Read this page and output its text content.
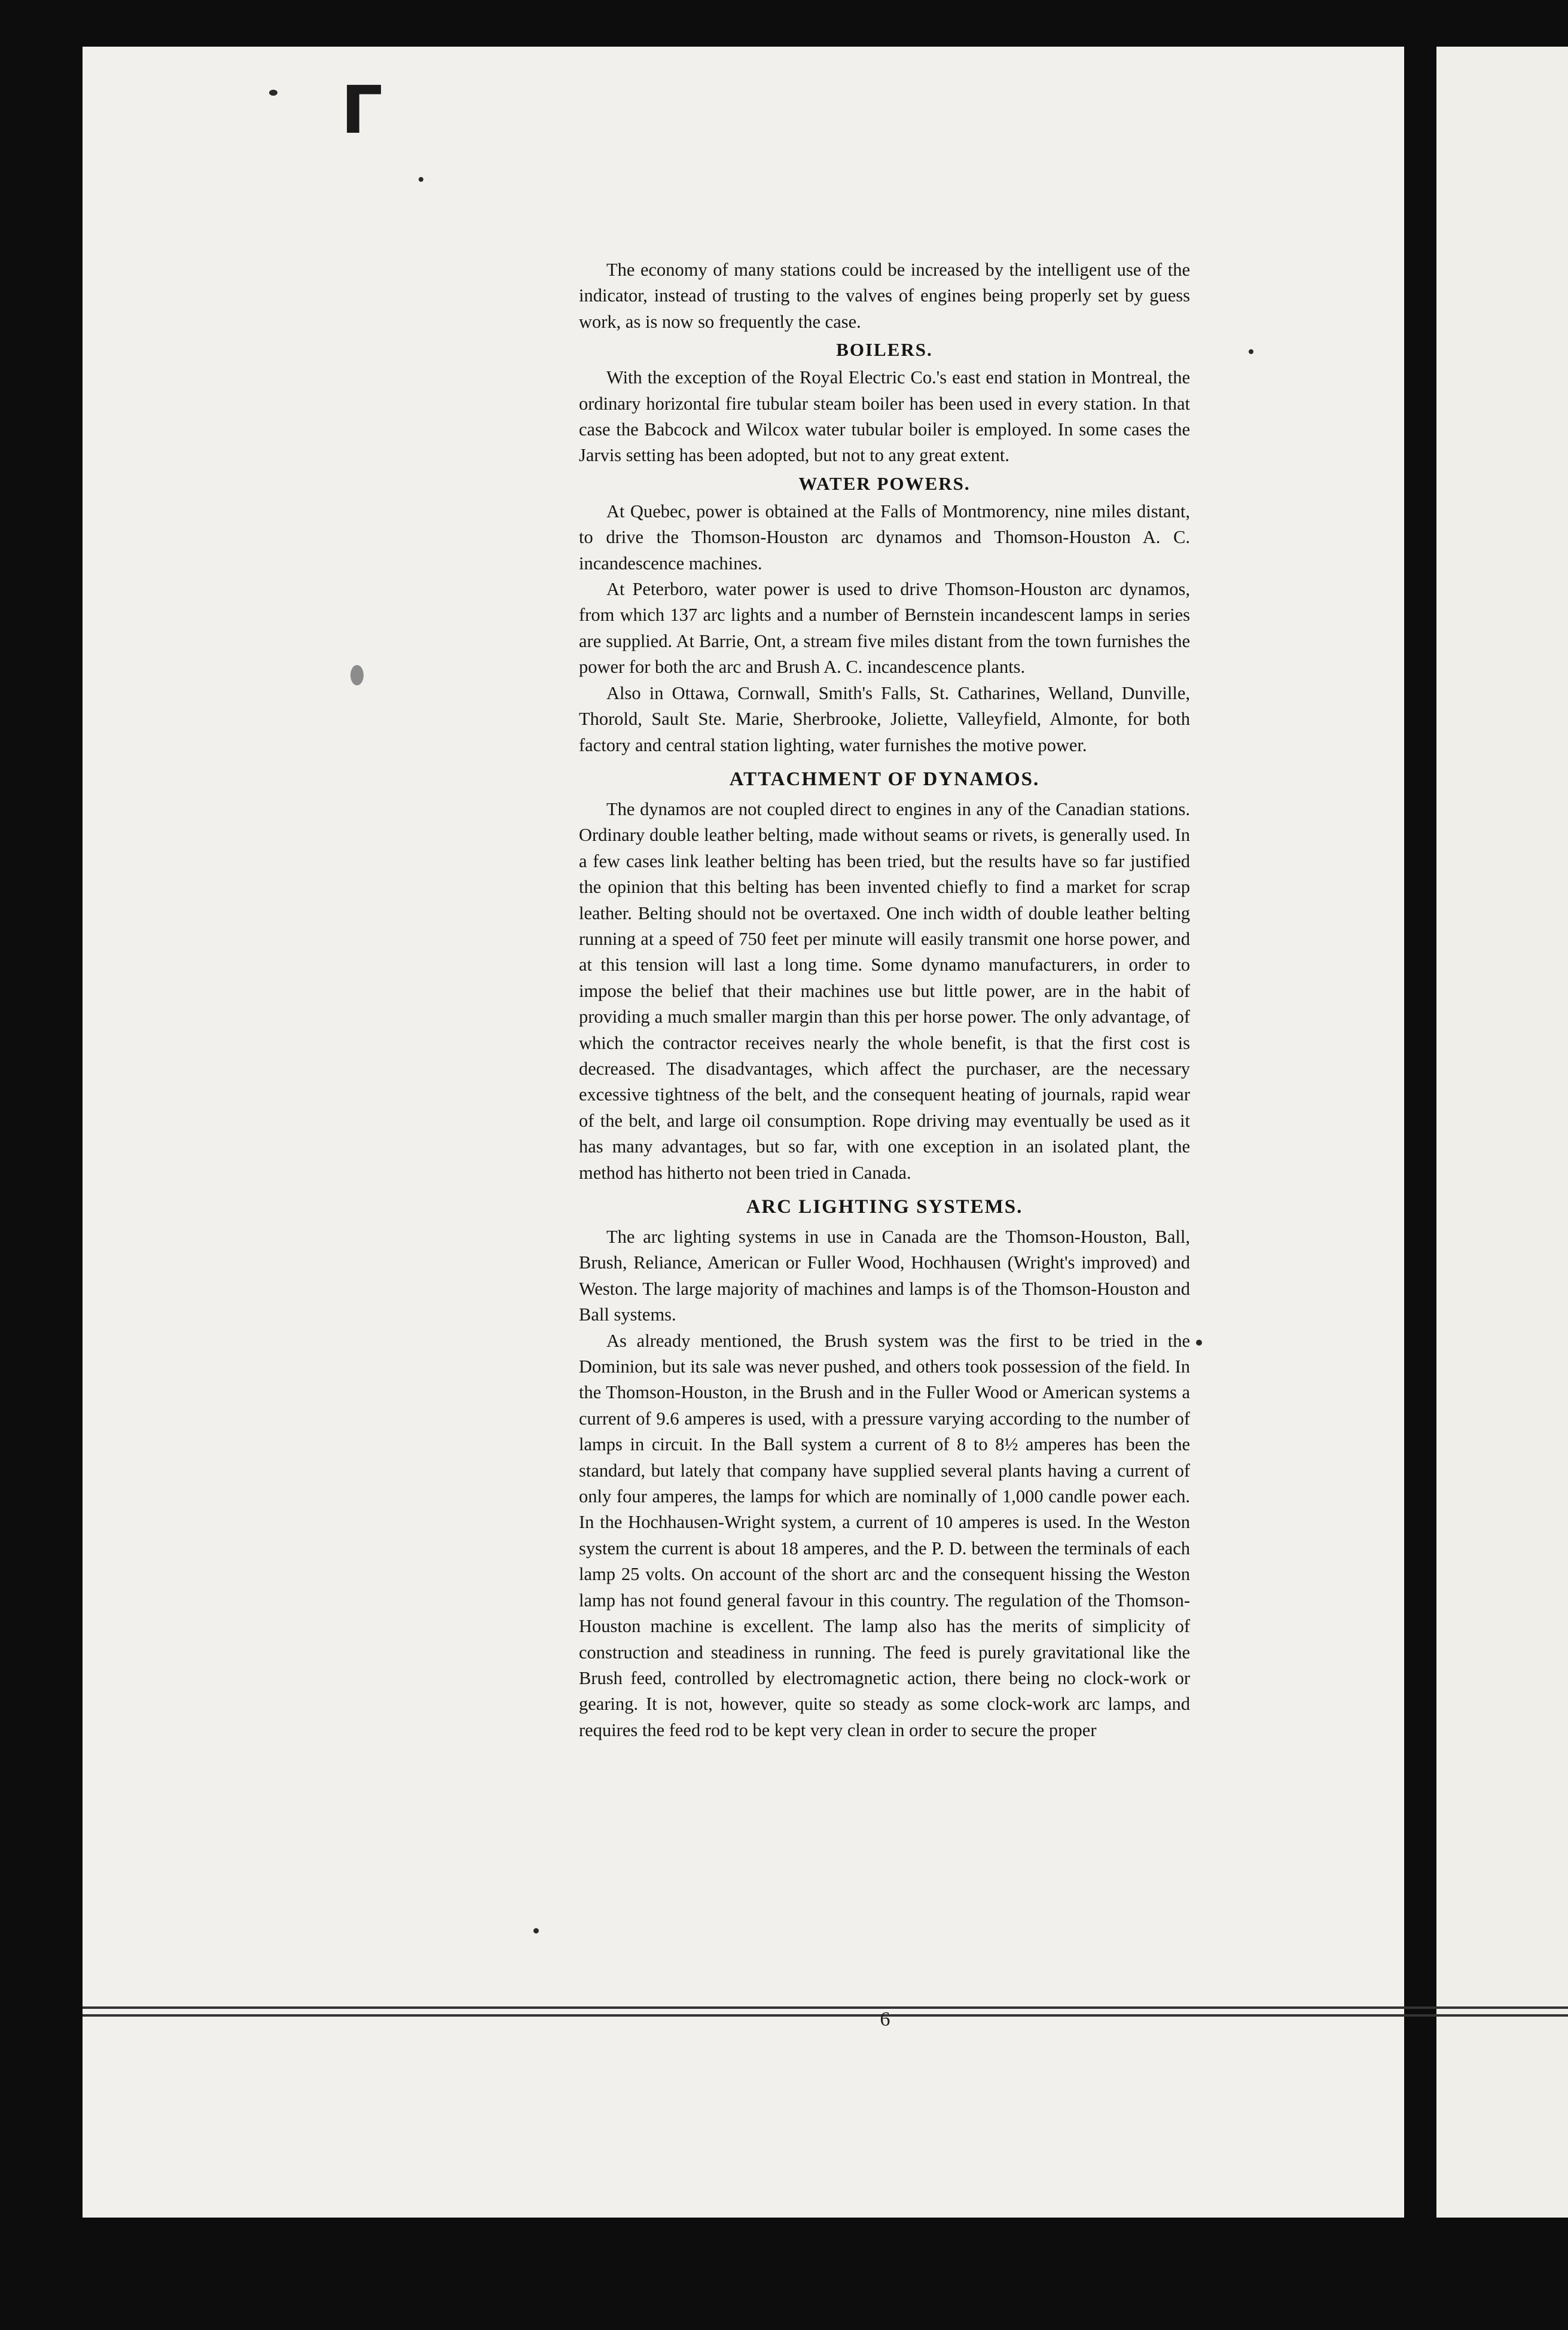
Γ

The economy of many stations could be increased by the intelligent use of the indicator, instead of trusting to the valves of engines being properly set by guess work, as is now so frequently the case.

BOILERS.

With the exception of the Royal Electric Co.'s east end station in Montreal, the ordinary horizontal fire tubular steam boiler has been used in every station. In that case the Babcock and Wilcox water tubular boiler is employed. In some cases the Jarvis setting has been adopted, but not to any great extent.

WATER POWERS.

At Quebec, power is obtained at the Falls of Montmorency, nine miles distant, to drive the Thomson-Houston arc dynamos and Thomson-Houston A. C. incandescence machines.

At Peterboro, water power is used to drive Thomson-Houston arc dynamos, from which 137 arc lights and a number of Bernstein incandescent lamps in series are supplied. At Barrie, Ont, a stream five miles distant from the town furnishes the power for both the arc and Brush A. C. incandescence plants.

Also in Ottawa, Cornwall, Smith's Falls, St. Catharines, Welland, Dunville, Thorold, Sault Ste. Marie, Sherbrooke, Joliette, Valleyfield, Almonte, for both factory and central station lighting, water furnishes the motive power.

ATTACHMENT OF DYNAMOS.

The dynamos are not coupled direct to engines in any of the Canadian stations. Ordinary double leather belting, made without seams or rivets, is generally used. In a few cases link leather belting has been tried, but the results have so far justified the opinion that this belting has been invented chiefly to find a market for scrap leather. Belting should not be overtaxed. One inch width of double leather belting running at a speed of 750 feet per minute will easily transmit one horse power, and at this tension will last a long time. Some dynamo manufacturers, in order to impose the belief that their machines use but little power, are in the habit of providing a much smaller margin than this per horse power. The only advantage, of which the contractor receives nearly the whole benefit, is that the first cost is decreased. The disadvantages, which affect the purchaser, are the necessary excessive tightness of the belt, and the consequent heating of journals, rapid wear of the belt, and large oil consumption. Rope driving may eventually be used as it has many advantages, but so far, with one exception in an isolated plant, the method has hitherto not been tried in Canada.

ARC LIGHTING SYSTEMS.

The arc lighting systems in use in Canada are the Thomson-Houston, Ball, Brush, Reliance, American or Fuller Wood, Hochhausen (Wright's improved) and Weston. The large majority of machines and lamps is of the Thomson-Houston and Ball systems.

As already mentioned, the Brush system was the first to be tried in the Dominion, but its sale was never pushed, and others took possession of the field. In the Thomson-Houston, in the Brush and in the Fuller Wood or American systems a current of 9.6 amperes is used, with a pressure varying according to the number of lamps in circuit. In the Ball system a current of 8 to 8½ amperes has been the standard, but lately that company have supplied several plants having a current of only four amperes, the lamps for which are nominally of 1,000 candle power each. In the Hochhausen-Wright system, a current of 10 amperes is used. In the Weston system the current is about 18 amperes, and the P. D. between the terminals of each lamp 25 volts. On account of the short arc and the consequent hissing the Weston lamp has not found general favour in this country. The regulation of the Thomson-Houston machine is excellent. The lamp also has the merits of simplicity of construction and steadiness in running. The feed is purely gravitational like the Brush feed, controlled by electromagnetic action, there being no clock-work or gearing. It is not, however, quite so steady as some clock-work arc lamps, and requires the feed rod to be kept very clean in order to secure the proper

6
